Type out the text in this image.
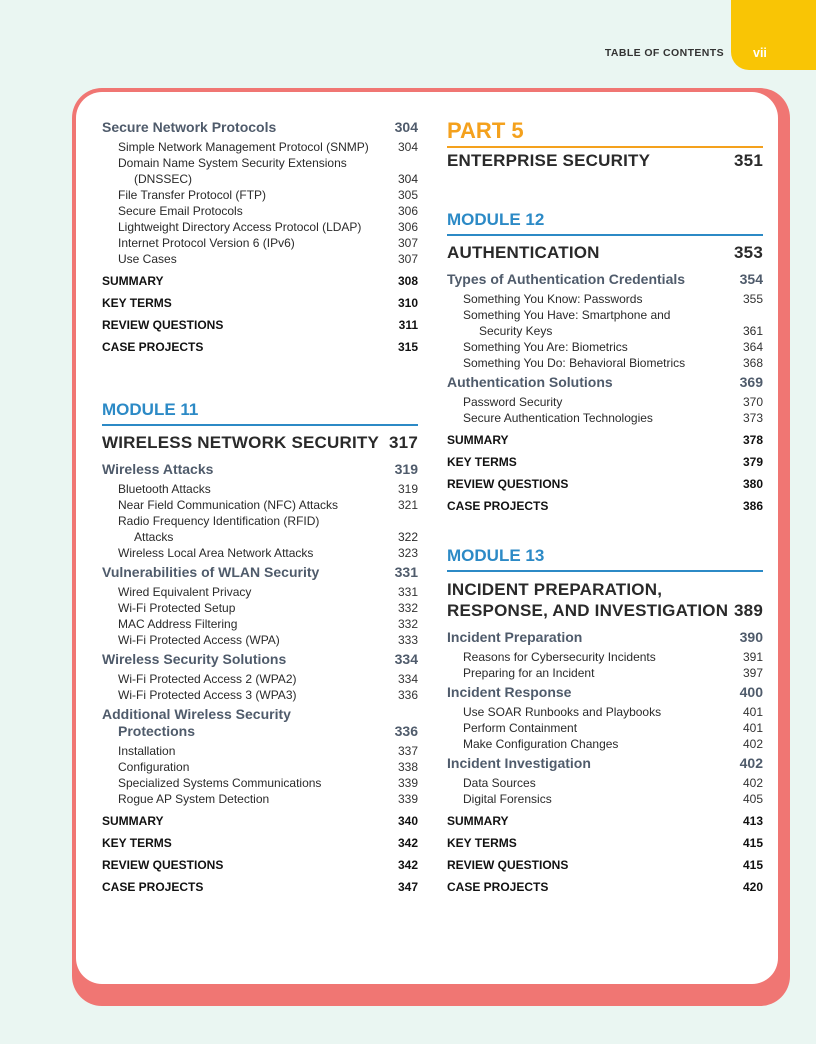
TABLE OF CONTENTS vii
Secure Network Protocols	304
Simple Network Management Protocol (SNMP) 304
Domain Name System Security Extensions
(DNSSEC)	304
File Transfer Protocol (FTP)	305
Secure Email Protocols	306
Lightweight Directory Access Protocol (LDAP)	306
Internet Protocol Version 6 (IPv6)	307
Use Cases	307
SUMMARY	308
KEY TERMS	310
REVIEW QUESTIONS	311
CASE PROJECTS	315
MODULE 11
WIRELESS NETWORK SECURITY 317
Wireless Attacks	319
Bluetooth Attacks	319
Near Field Communication (NFC) Attacks	321
Radio Frequency Identification (RFID)
Attacks	322
Wireless Local Area Network Attacks	323
Vulnerabilities of WLAN Security	331
Wired Equivalent Privacy	331
Wi-Fi Protected Setup	332
MAC Address Filtering	332
Wi-Fi Protected Access (WPA)	333
Wireless Security Solutions	334
Wi-Fi Protected Access 2 (WPA2)	334
Wi-Fi Protected Access 3 (WPA3)	336
Additional Wireless Security
Protections	336
Installation	337
Configuration	338
Specialized Systems Communications	339
Rogue AP System Detection	339
SUMMARY	340
KEY TERMS	342
REVIEW QUESTIONS	342
CASE PROJECTS	347
PART 5
ENTERPRISE SECURITY	351
MODULE 12
AUTHENTICATION	353
Types of Authentication Credentials	354
Something You Know: Passwords	355
Something You Have: Smartphone and
Security Keys	361
Something You Are: Biometrics	364
Something You Do: Behavioral Biometrics	368
Authentication Solutions	369
Password Security	370
Secure Authentication Technologies	373
SUMMARY	378
KEY TERMS	379
REVIEW QUESTIONS	380
CASE PROJECTS	386
MODULE 13
INCIDENT PREPARATION,
RESPONSE, AND INVESTIGATION 389
Incident Preparation	390
Reasons for Cybersecurity Incidents	391
Preparing for an Incident	397
Incident Response	400
Use SOAR Runbooks and Playbooks	401
Perform Containment	401
Make Configuration Changes	402
Incident Investigation	402
Data Sources	402
Digital Forensics	405
SUMMARY	413
KEY TERMS	415
REVIEW QUESTIONS	415
CASE PROJECTS	420
